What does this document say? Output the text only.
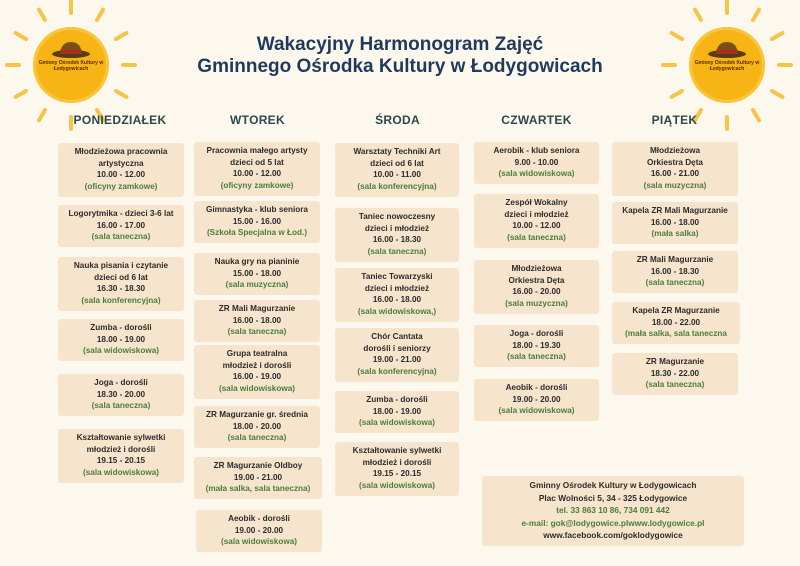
Gminny Ośrodek Kultury w Łodygowicach
Gminny Ośrodek Kultury w Łodygowicach
Wakacyjny Harmonogram Zajęć
Gminnego Ośrodka Kultury w Łodygowicach
PONIEDZIAŁEK	WTOREK	ŚRODA	CZWARTEK	PIĄTEK
Młodzieżowa pracownia
artystyczna
10.00 - 12.00
(oficyny zamkowe)
Logorytmika - dzieci 3-6 lat
16.00 - 17.00
(sala taneczna)
Nauka pisania i czytanie
dzieci od 6 lat
16.30 - 18.30
(sala konferencyjna)
Zumba - dorośli
18.00 - 19.00
(sala widowiskowa)
Joga - dorośli
18.30 - 20.00
(sala taneczna)
Kształtowanie sylwetki
młodzież i dorośli
19.15 - 20.15
(sala widowiskowa)
Pracownia małego artysty
dzieci od 5 lat
10.00 - 12.00
(oficyny zamkowe)
Gimnastyka - klub seniora
15.00 - 16.00
(Szkoła Specjalna w Łod.)
Nauka gry na pianinie
15.00 - 18.00
(sala muzyczna)
ZR Mali Magurzanie
16.00 - 18.00
(sala taneczna)
Grupa teatralna
młodzież i dorośli
16.00 - 19.00
(sala widowiskowa)
ZR Magurzanie gr. średnia
18.00 - 20.00
(sala taneczna)
ZR Magurzanie Oldboy
19.00 - 21.00
(mała salka, sala taneczna)
Aeobik - dorośli
19.00 - 20.00
(sala widowiskowa)
Warsztaty Techniki Art
dzieci od 6 lat
10.00 - 11.00
(sala konferencyjna)
Taniec nowoczesny
dzieci i młodzież
16.00 - 18.30
(sala taneczna)
Taniec Towarzyski
dzieci i młodzież
16.00 - 18.00
(sala widowiskowa,)
Chór Cantata
dorośli i seniorzy
19.00 - 21.00
(sala konferencyjna)
Zumba - dorośli
18.00 - 19.00
(sala widowiskowa)
Kształtowanie sylwetki
młodzież i dorośli
19.15 - 20.15
(sala widowiskowa)
Aerobik - klub seniora
9.00 - 10.00
(sala widowiskowa)
Zespół Wokalny
dzieci i młodzież
10.00 - 12.00
(sala taneczna)
Młodzieżowa
Orkiestra Dęta
16.00 - 20.00
(sala muzyczna)
Joga - dorośli
18.00 - 19.30
(sala taneczna)
Aeobik - dorośli
19.00 - 20.00
(sala widowiskowa)
Młodzieżowa
Orkiestra Dęta
16.00 - 21.00
(sala muzyczna)
Kapela ZR Mali Magurzanie
16.00 - 18.00
(mała salka)
ZR Mali Magurzanie
16.00 - 18.30
(sala taneczna)
Kapela ZR Magurzanie
18.00 - 22.00
(mała salka, sala taneczna
ZR Magurzanie
18.30 - 22.00
(sala taneczna)
Gminny Ośrodek Kultury w Łodygowicach
Plac Wolności 5, 34 - 325 Łodygowice
tel. 33 863 10 86, 734 091 442
e-mail: gok@lodygowice.plwww.lodygowice.pl
www.facebook.com/goklodygowice
